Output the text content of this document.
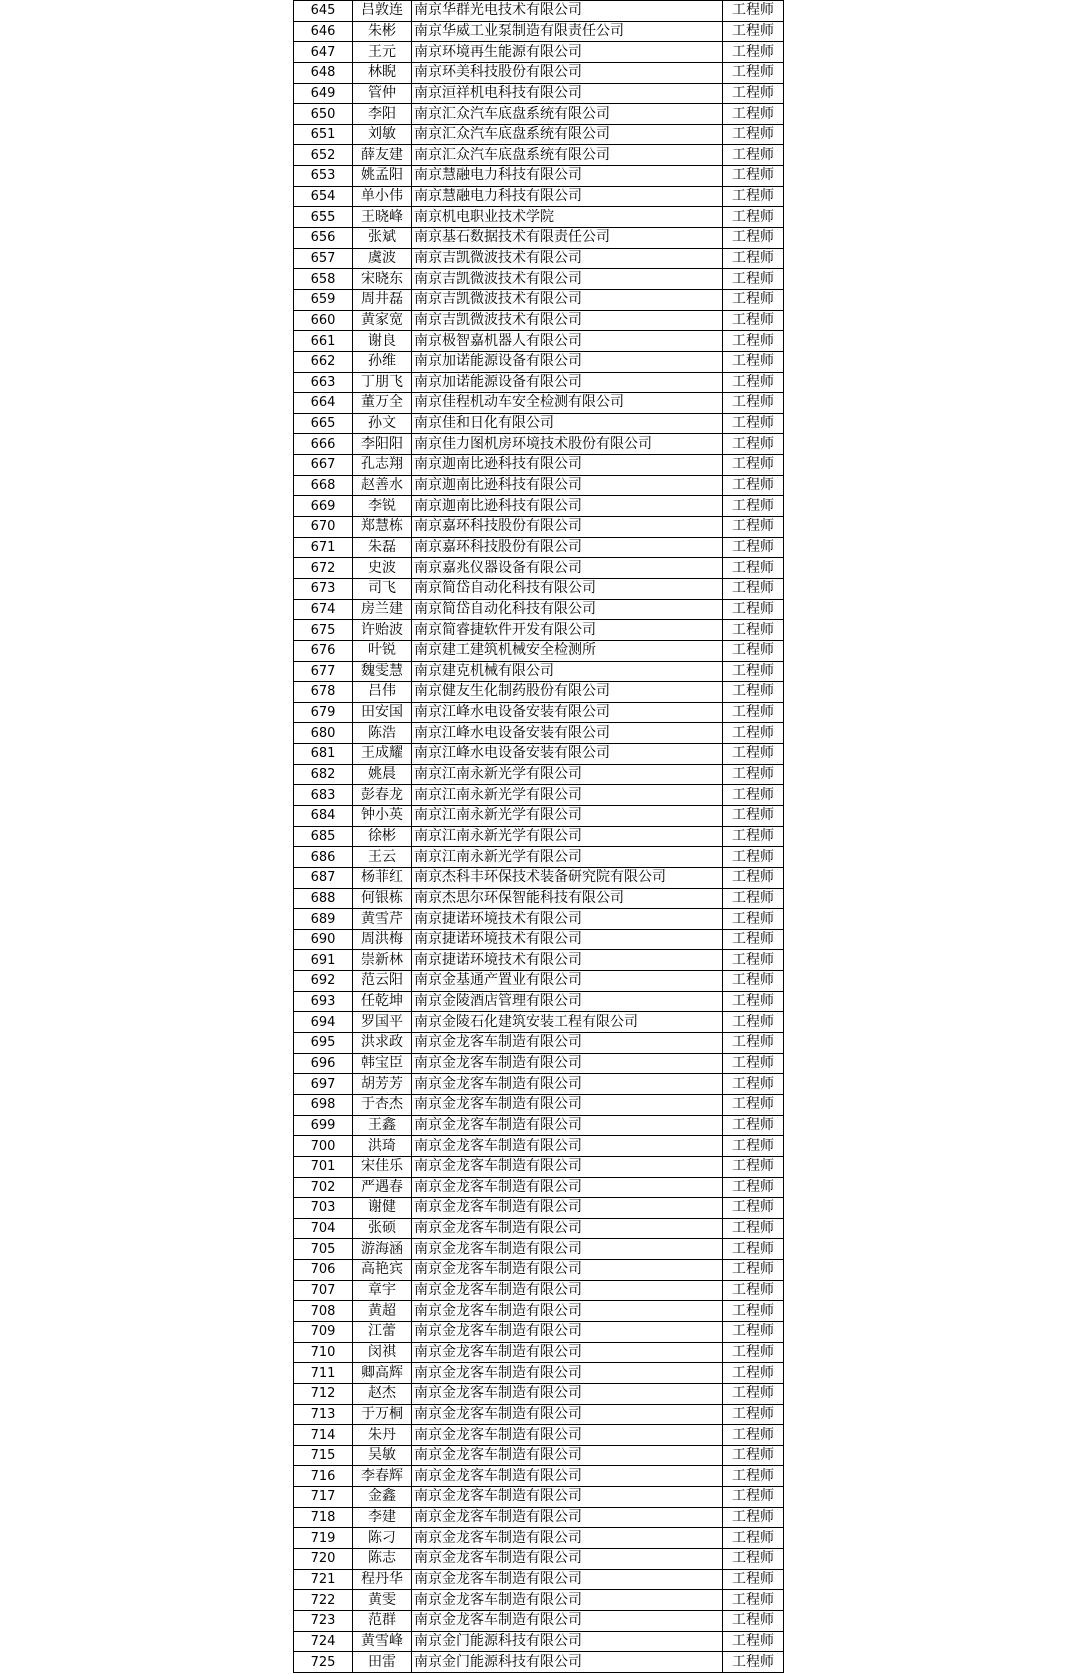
645	吕敦连	南京华群光电技术有限公司	工程师
646	朱彬	南京华威工业泵制造有限责任公司	工程师
647	王元	南京环境再生能源有限公司	工程师
648	林睨	南京环美科技股份有限公司	工程师
649	管仲	南京洹祥机电科技有限公司	工程师
650	李阳	南京汇众汽车底盘系统有限公司	工程师
651	刘敏	南京汇众汽车底盘系统有限公司	工程师
652	薛友建	南京汇众汽车底盘系统有限公司	工程师
653	姚孟阳	南京慧融电力科技有限公司	工程师
654	单小伟	南京慧融电力科技有限公司	工程师
655	王晓峰	南京机电职业技术学院	工程师
656	张斌	南京基石数据技术有限责任公司	工程师
657	虞波	南京吉凯微波技术有限公司	工程师
658	宋晓东	南京吉凯微波技术有限公司	工程师
659	周井磊	南京吉凯微波技术有限公司	工程师
660	黄家宽	南京吉凯微波技术有限公司	工程师
661	谢良	南京极智嘉机器人有限公司	工程师
662	孙维	南京加诺能源设备有限公司	工程师
663	丁朋飞	南京加诺能源设备有限公司	工程师
664	董万全	南京佳程机动车安全检测有限公司	工程师
665	孙文	南京佳和日化有限公司	工程师
666	李阳阳	南京佳力图机房环境技术股份有限公司	工程师
667	孔志翔	南京迦南比逊科技有限公司	工程师
668	赵善水	南京迦南比逊科技有限公司	工程师
669	李锐	南京迦南比逊科技有限公司	工程师
670	郑慧栋	南京嘉环科技股份有限公司	工程师
671	朱磊	南京嘉环科技股份有限公司	工程师
672	史波	南京嘉兆仪器设备有限公司	工程师
673	司飞	南京简岱自动化科技有限公司	工程师
674	房兰建	南京简岱自动化科技有限公司	工程师
675	许贻波	南京简睿捷软件开发有限公司	工程师
676	叶锐	南京建工建筑机械安全检测所	工程师
677	魏雯慧	南京建克机械有限公司	工程师
678	吕伟	南京健友生化制药股份有限公司	工程师
679	田安国	南京江峰水电设备安装有限公司	工程师
680	陈浩	南京江峰水电设备安装有限公司	工程师
681	王成耀	南京江峰水电设备安装有限公司	工程师
682	姚晨	南京江南永新光学有限公司	工程师
683	彭春龙	南京江南永新光学有限公司	工程师
684	钟小英	南京江南永新光学有限公司	工程师
685	徐彬	南京江南永新光学有限公司	工程师
686	王云	南京江南永新光学有限公司	工程师
687	杨菲红	南京杰科丰环保技术装备研究院有限公司	工程师
688	何银栋	南京杰思尔环保智能科技有限公司	工程师
689	黄雪芹	南京捷诺环境技术有限公司	工程师
690	周洪梅	南京捷诺环境技术有限公司	工程师
691	崇新林	南京捷诺环境技术有限公司	工程师
692	范云阳	南京金基通产置业有限公司	工程师
693	任乾坤	南京金陵酒店管理有限公司	工程师
694	罗国平	南京金陵石化建筑安装工程有限公司	工程师
695	洪求政	南京金龙客车制造有限公司	工程师
696	韩宝臣	南京金龙客车制造有限公司	工程师
697	胡芳芳	南京金龙客车制造有限公司	工程师
698	于杏杰	南京金龙客车制造有限公司	工程师
699	王鑫	南京金龙客车制造有限公司	工程师
700	洪琦	南京金龙客车制造有限公司	工程师
701	宋佳乐	南京金龙客车制造有限公司	工程师
702	严遇春	南京金龙客车制造有限公司	工程师
703	谢健	南京金龙客车制造有限公司	工程师
704	张硕	南京金龙客车制造有限公司	工程师
705	游海涵	南京金龙客车制造有限公司	工程师
706	高艳宾	南京金龙客车制造有限公司	工程师
707	章宇	南京金龙客车制造有限公司	工程师
708	黄超	南京金龙客车制造有限公司	工程师
709	江蕾	南京金龙客车制造有限公司	工程师
710	闵祺	南京金龙客车制造有限公司	工程师
711	卿高辉	南京金龙客车制造有限公司	工程师
712	赵杰	南京金龙客车制造有限公司	工程师
713	于万桐	南京金龙客车制造有限公司	工程师
714	朱丹	南京金龙客车制造有限公司	工程师
715	吴敏	南京金龙客车制造有限公司	工程师
716	李春辉	南京金龙客车制造有限公司	工程师
717	金鑫	南京金龙客车制造有限公司	工程师
718	李建	南京金龙客车制造有限公司	工程师
719	陈刁	南京金龙客车制造有限公司	工程师
720	陈志	南京金龙客车制造有限公司	工程师
721	程丹华	南京金龙客车制造有限公司	工程师
722	黄雯	南京金龙客车制造有限公司	工程师
723	范群	南京金龙客车制造有限公司	工程师
724	黄雪峰	南京金门能源科技有限公司	工程师
725	田雷	南京金门能源科技有限公司	工程师
